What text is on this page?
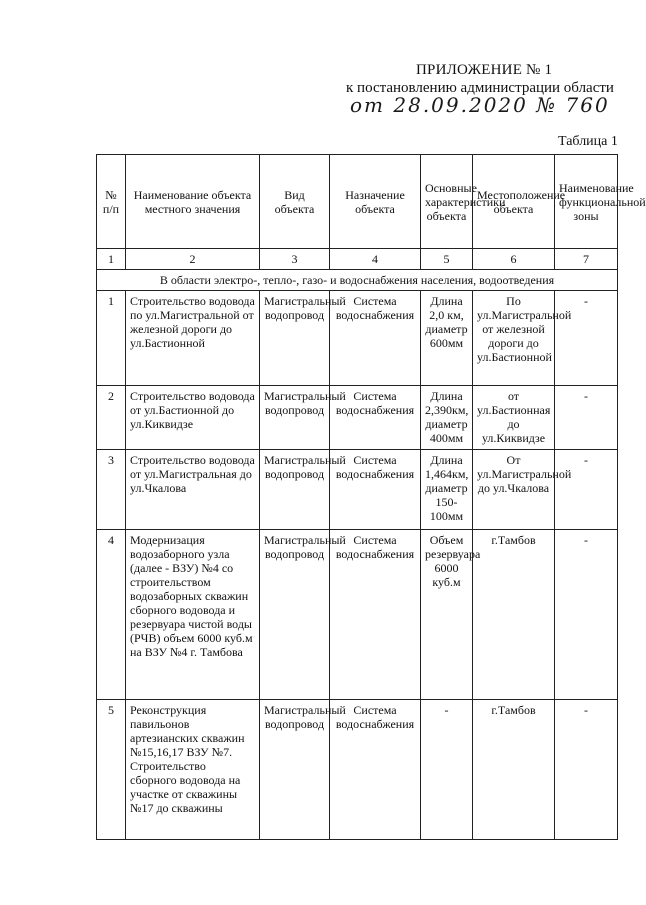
ПРИЛОЖЕНИЕ № 1
к постановлению администрации области
от 28.09.2020 № 760
Таблица 1
№ п/п	Наименование объекта местного значения	Вид объекта	Назначение объекта	Основные характеристики объекта	Местоположение объекта	Наименование функциональной зоны
1	2	3	4	5	6	7
В области электро-, тепло-, газо- и водоснабжения населения, водоотведения						
1	Строительство водовода по ул.Магистральной от железной дороги до ул.Бастионной	Магистральный водопровод	Система водоснабжения	Длина 2,0 км, диаметр 600мм	По ул.Магистральной от железной дороги до ул.Бастионной	-
2	Строительство водовода от ул.Бастионной до ул.Киквидзе	Магистральный водопровод	Система водоснабжения	Длина 2,390км, диаметр 400мм	от ул.Бастионная до ул.Киквидзе	-
3	Строительство водовода от ул.Магистральная до ул.Чкалова	Магистральный водопровод	Система водоснабжения	Длина 1,464км, диаметр 150-100мм	От ул.Магистральной до ул.Чкалова	-
4	Модернизация водозаборного узла (далее - ВЗУ) №4 со строительством водозаборных скважин сборного водовода и резервуара чистой воды (РЧВ) объем 6000 куб.м на ВЗУ №4 г. Тамбова	Магистральный водопровод	Система водоснабжения	Объем резервуара 6000 куб.м	г.Тамбов	-
5	Реконструкция павильонов артезианских скважин №15,16,17 ВЗУ №7. Строительство сборного водовода на участке от скважины №17 до скважины	Магистральный водопровод	Система водоснабжения	-	г.Тамбов	-
